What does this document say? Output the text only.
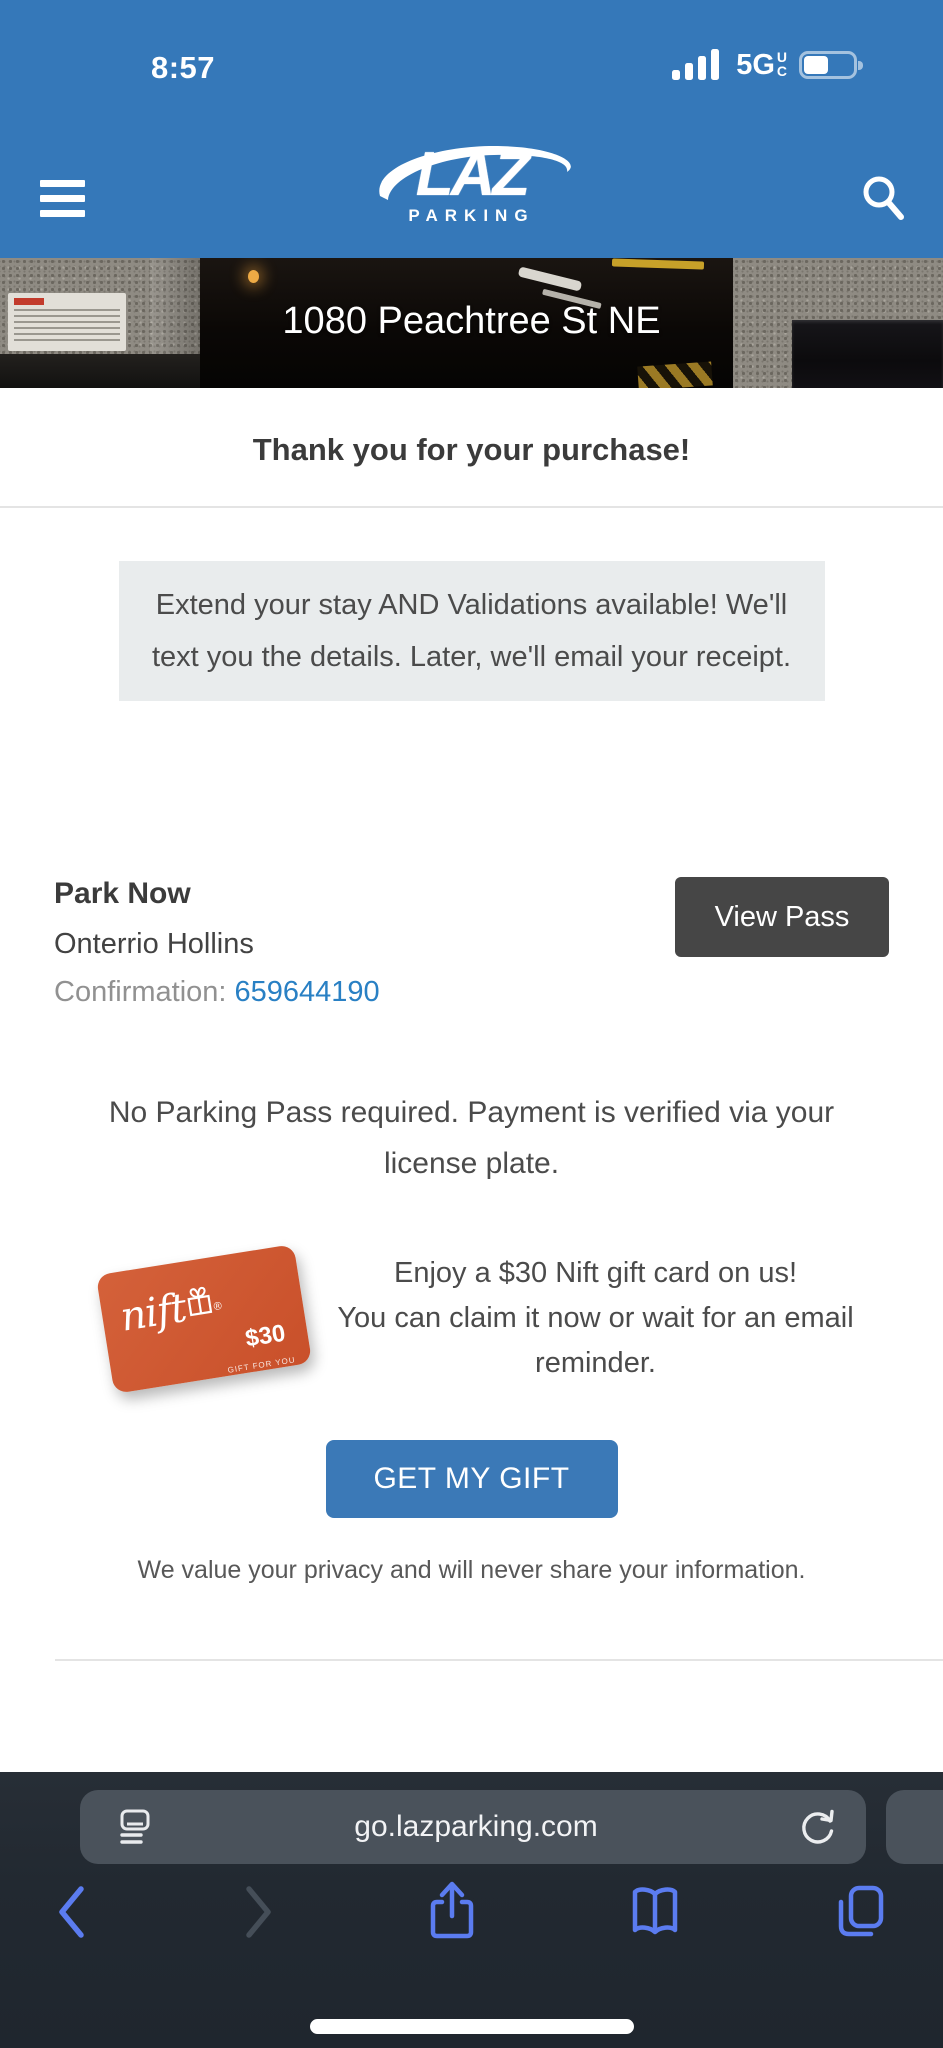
8:57	5G U
C
LAZ
PARKING
1080 Peachtree St NE
Thank you for your purchase!
Extend your stay AND Validations available! We'll text you the details. Later, we'll email your receipt.
Park Now
Onterrio Hollins
Confirmation: 659644190
View Pass
No Parking Pass required. Payment is verified via your license plate.
nift ®
$30
GIFT FOR YOU
Enjoy a $30 Nift gift card on us!
You can claim it now or wait for an email reminder.
GET MY GIFT
We value your privacy and will never share your information.
go.lazparking.com
